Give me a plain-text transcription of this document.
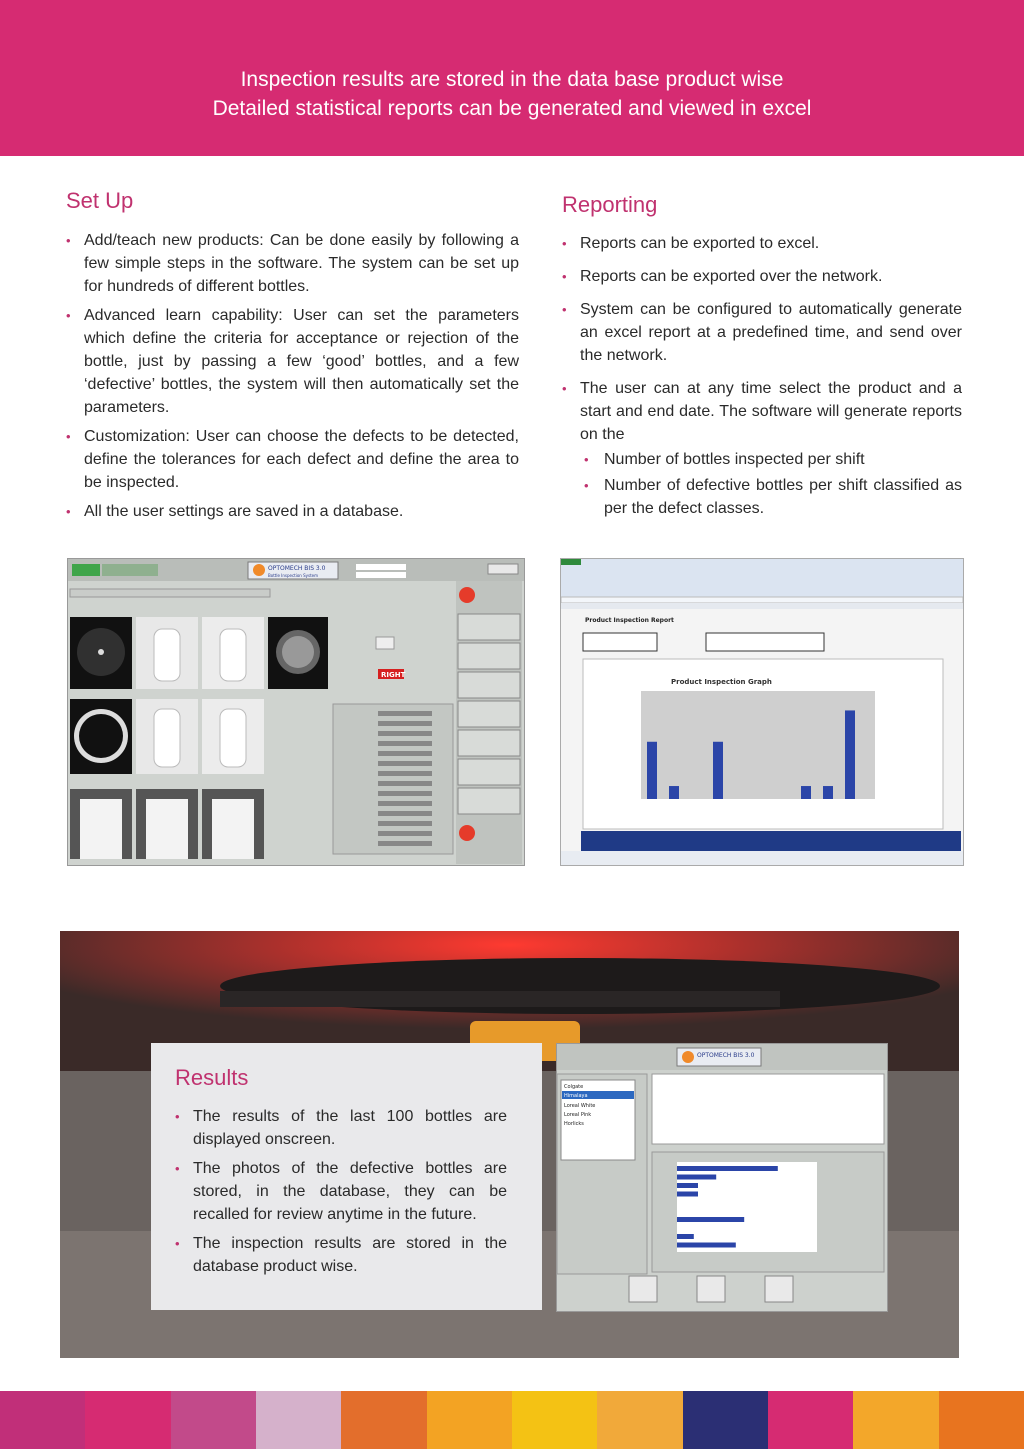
Inspection results are stored in the data base product wise
Detailed statistical reports can be generated and viewed in excel
Set Up
• Add/teach new products: Can be done easily by following a few simple steps in the software. The system can be set up for hundreds of different bottles.
• Advanced learn capability: User can set the parameters which define the criteria for acceptance or rejection of the bottle, just by passing a few ‘good’ bottles, and a few ‘defective’ bottles, the system will then automatically set the parameters.
• Customization: User can choose the defects to be detected, define the tolerances for each defect and define the area to be inspected.
• All the user settings are saved in a database.
Reporting
• Reports can be exported to excel.
• Reports can be exported over the network.
• System can be configured to automatically generate an excel report at a predefined time, and send over the network.
• The user can at any time select the product and a start and end date. The software will generate reports on the
• Number of bottles inspected per shift
• Number of defective bottles per shift classified as per the defect classes.
OPTOMECH BIS 3.0
Bottle Inspection System
RIGHT
Product Inspection Report
Product Inspection Graph
Results
• The results of the last 100 bottles are displayed onscreen.
• The photos of the defective bottles are stored, in the database, they can be recalled for review anytime in the future.
• The inspection results are stored in the database product wise.
OPTOMECH BIS 3.0
Colgate
Himalaya
Loreal White
Loreal Pink
Horlicks
